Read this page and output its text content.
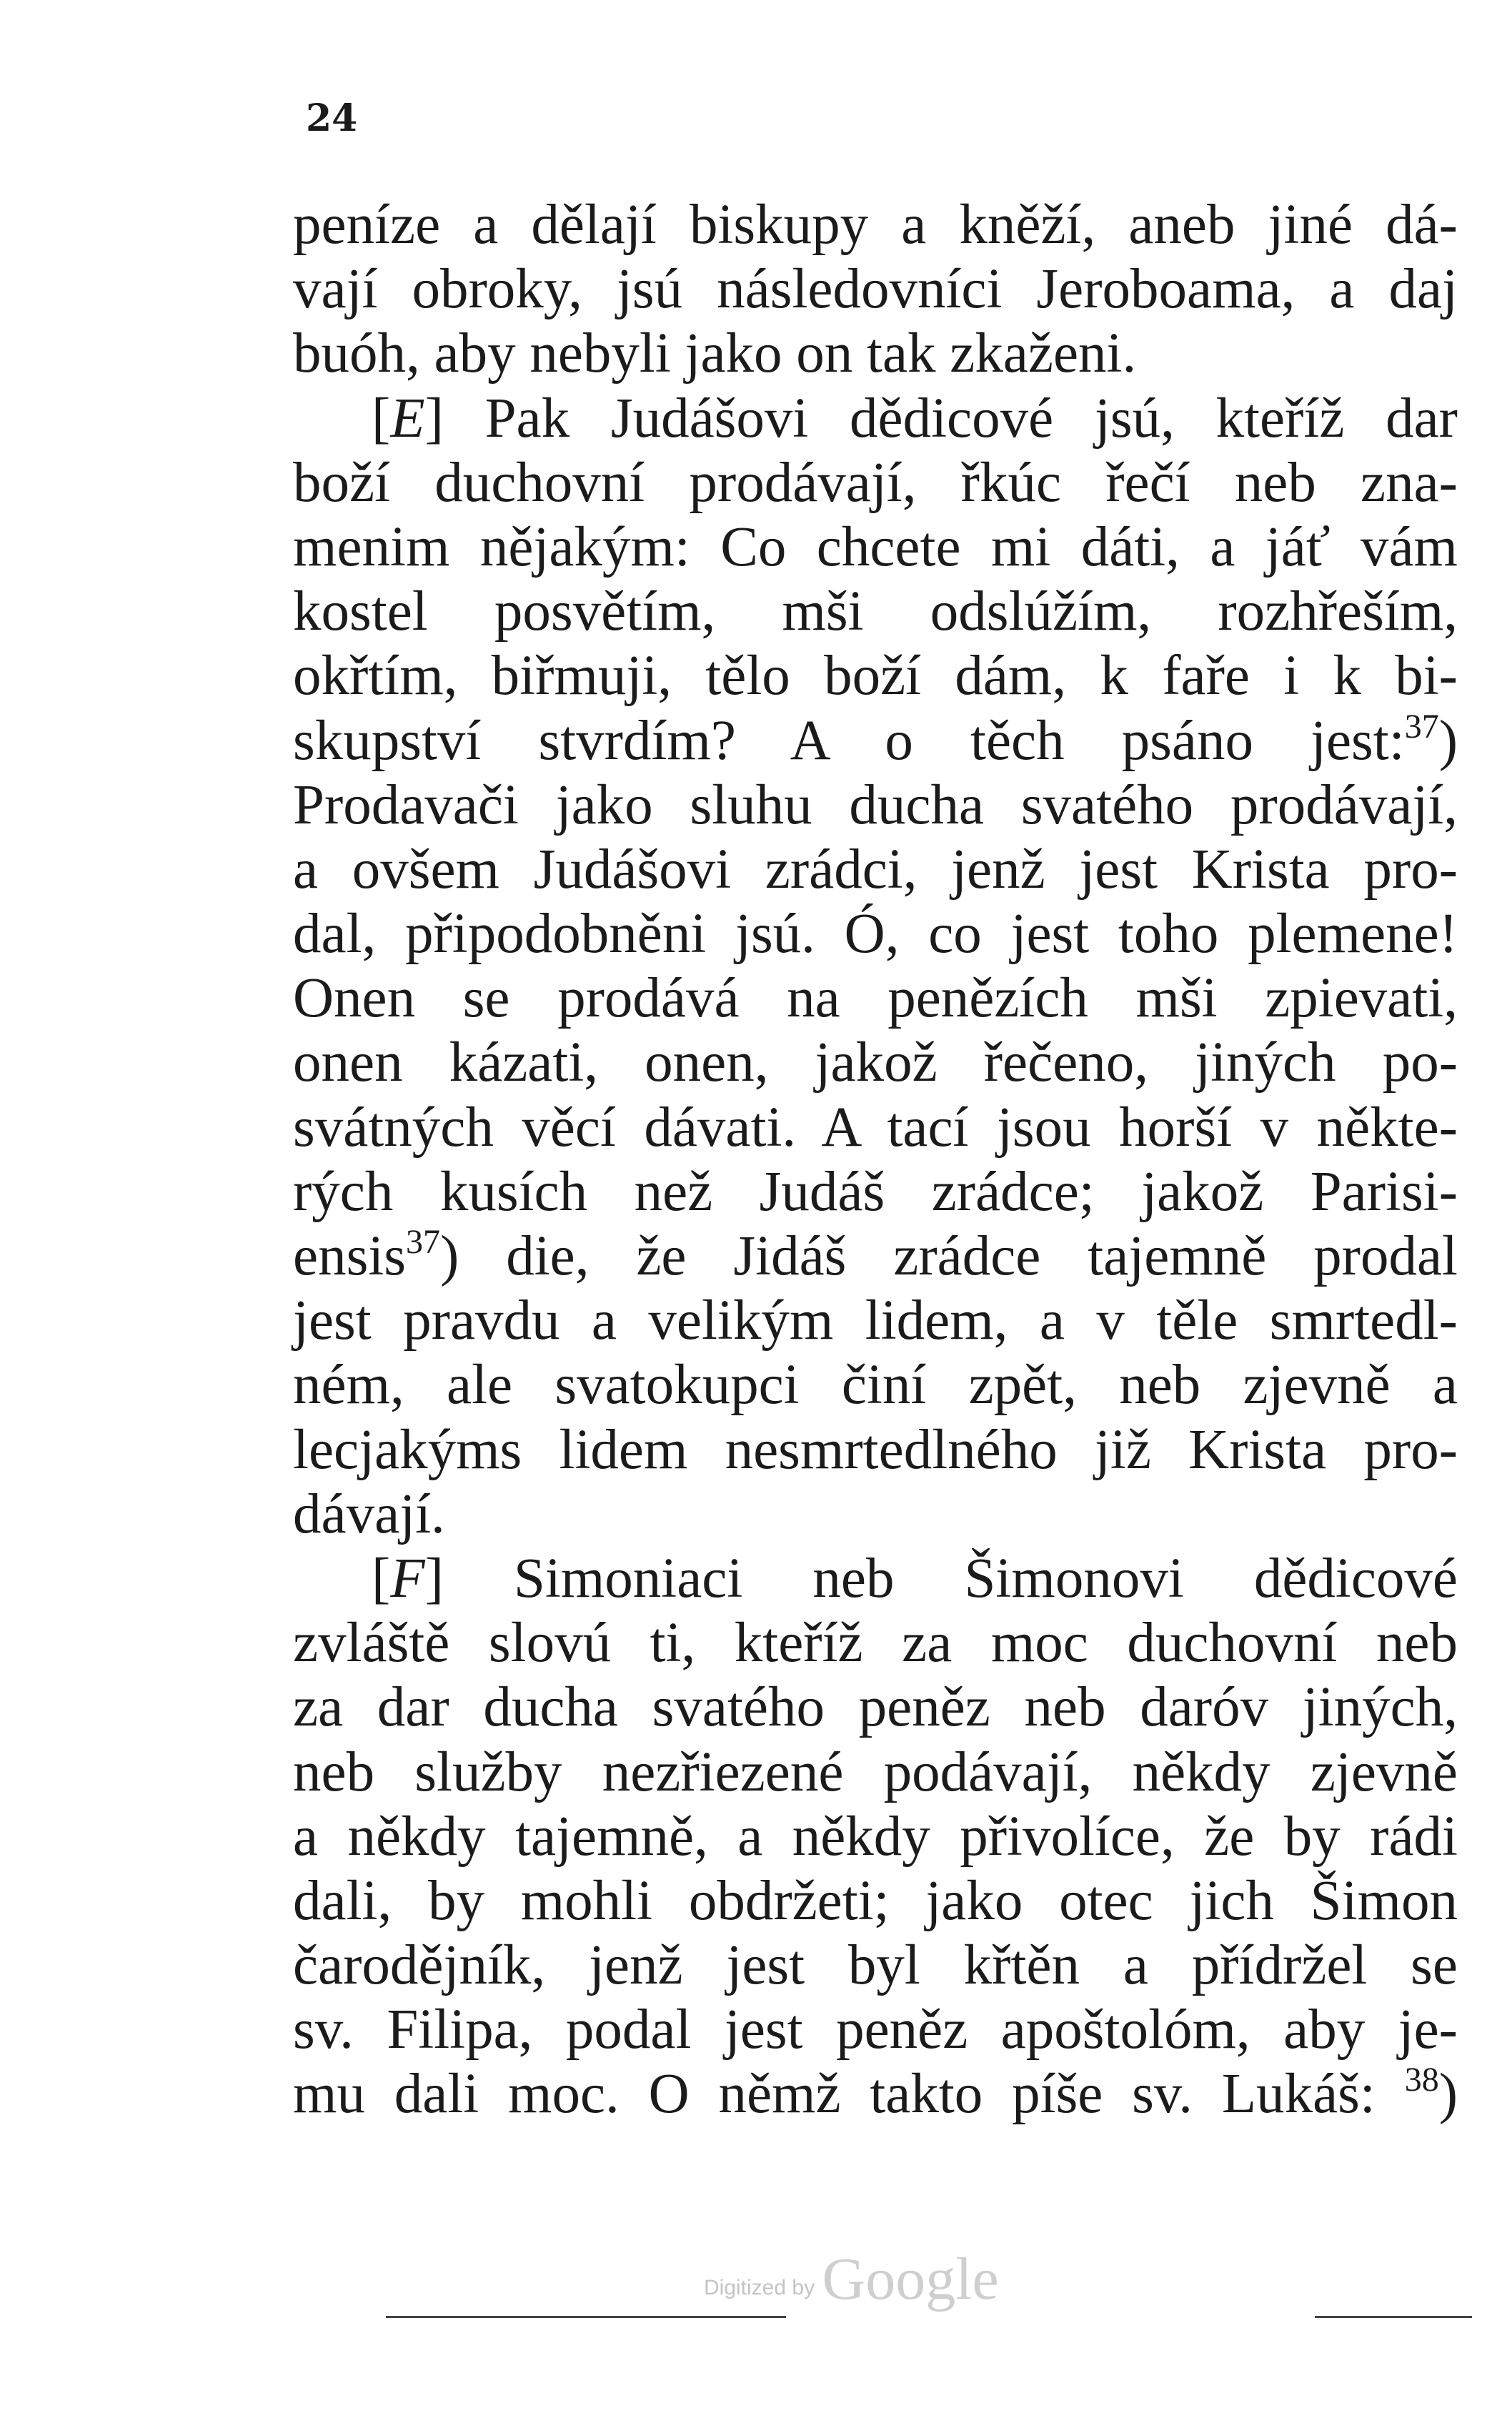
24
peníze a dělají biskupy a kněží, aneb jiné dá-
vají obroky, jsú následovníci Jeroboama, a daj
buóh, aby nebyli jako on tak zkaženi.
[E] Pak Judášovi dědicové jsú, kteříž dar
boží duchovní prodávají, řkúc řečí neb zna-
menim nějakým: Co chcete mi dáti, a jáť vám
kostel posvětím, mši odslúžím, rozhřeším,
okřtím, biřmuji, tělo boží dám, k faře i k bi-
skupství stvrdím? A o těch psáno jest:$^{37}$)
Prodavači jako sluhu ducha svatého prodávají,
a ovšem Judášovi zrádci, jenž jest Krista pro-
dal, připodobněni jsú. Ó, co jest toho plemene!
Onen se prodává na penězích mši zpievati,
onen kázati, onen, jakož řečeno, jiných po-
svátných věcí dávati. A tací jsou horší v někte-
rých kusích než Judáš zrádce; jakož Parisi-
ensis$^{37}$) die, že Jidáš zrádce tajemně prodal
jest pravdu a velikým lidem, a v těle smrtedl-
ném, ale svatokupci činí zpět, neb zjevně a
lecjakýms lidem nesmrtedlného již Krista pro-
dávají.
[F] Simoniaci neb Šimonovi dědicové
zvláště slovú ti, kteříž za moc duchovní neb
za dar ducha svatého peněz neb daróv jiných,
neb služby nezřiezené podávají, někdy zjevně
a někdy tajemně, a někdy přivolíce, že by rádi
dali, by mohli obdržeti; jako otec jich Šimon
čarodějník, jenž jest byl křtěn a přídržel se
sv. Filipa, podal jest peněz apoštolóm, aby je-
mu dali moc. O němž takto píše sv. Lukáš: $^{38}$)
Digitized by Google
